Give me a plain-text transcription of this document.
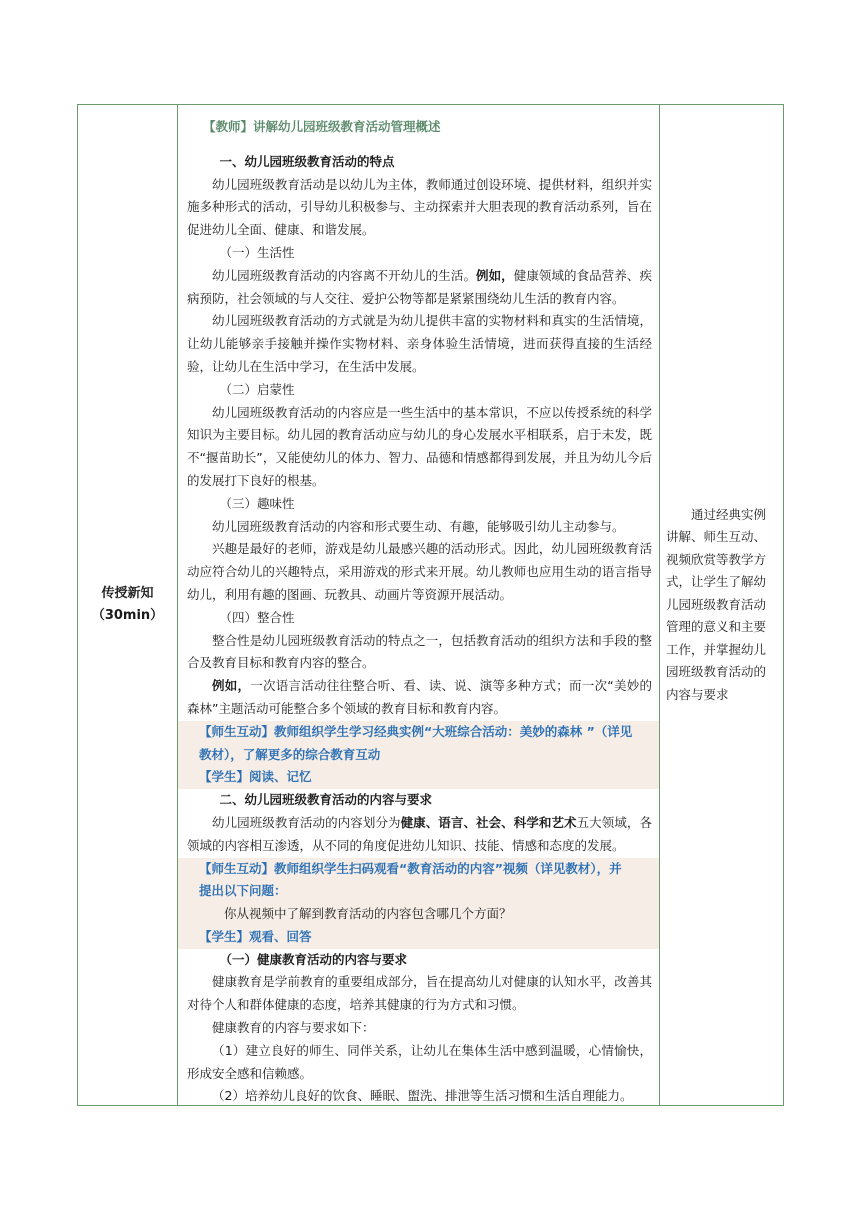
传授新知
（30min）

【教师】讲解幼儿园班级教育活动管理概述

一、幼儿园班级教育活动的特点

幼儿园班级教育活动是以幼儿为主体，教师通过创设环境、提供材料，组织并实施多种形式的活动，引导幼儿积极参与、主动探索并大胆表现的教育活动系列，旨在促进幼儿全面、健康、和谐发展。

（一）生活性

幼儿园班级教育活动的内容离不开幼儿的生活。例如，健康领域的食品营养、疾病预防，社会领域的与人交往、爱护公物等都是紧紧围绕幼儿生活的教育内容。

幼儿园班级教育活动的方式就是为幼儿提供丰富的实物材料和真实的生活情境，让幼儿能够亲手接触并操作实物材料、亲身体验生活情境，进而获得直接的生活经验，让幼儿在生活中学习，在生活中发展。

（二）启蒙性

幼儿园班级教育活动的内容应是一些生活中的基本常识，不应以传授系统的科学知识为主要目标。幼儿园的教育活动应与幼儿的身心发展水平相联系，启于未发，既不“揠苗助长”，又能使幼儿的体力、智力、品德和情感都得到发展，并且为幼儿今后的发展打下良好的根基。

（三）趣味性

幼儿园班级教育活动的内容和形式要生动、有趣，能够吸引幼儿主动参与。

兴趣是最好的老师，游戏是幼儿最感兴趣的活动形式。因此，幼儿园班级教育活动应符合幼儿的兴趣特点，采用游戏的形式来开展。幼儿教师也应用生动的语言指导幼儿，利用有趣的图画、玩教具、动画片等资源开展活动。

（四）整合性

整合性是幼儿园班级教育活动的特点之一，包括教育活动的组织方法和手段的整合及教育目标和教育内容的整合。

例如，一次语言活动往往整合听、看、读、说、演等多种方式；而一次“美妙的森林”主题活动可能整合多个领域的教育目标和教育内容。

【师生互动】教师组织学生学习经典实例“大班综合活动：美妙的森林 ”（详见

教材），了解更多的综合教育互动

【学生】阅读、记忆

二、幼儿园班级教育活动的内容与要求

幼儿园班级教育活动的内容划分为健康、语言、社会、科学和艺术五大领域，各领域的内容相互渗透，从不同的角度促进幼儿知识、技能、情感和态度的发展。

【师生互动】教师组织学生扫码观看“教育活动的内容”视频（详见教材），并

提出以下问题：

你从视频中了解到教育活动的内容包含哪几个方面？

【学生】观看、回答

（一）健康教育活动的内容与要求

健康教育是学前教育的重要组成部分，旨在提高幼儿对健康的认知水平，改善其对待个人和群体健康的态度，培养其健康的行为方式和习惯。

健康教育的内容与要求如下：

（1）建立良好的师生、同伴关系，让幼儿在集体生活中感到温暖，心情愉快，形成安全感和信赖感。

（2）培养幼儿良好的饮食、睡眠、盥洗、排泄等生活习惯和生活自理能力。

通过经典实例讲解、师生互动、视频欣赏等教学方式，让学生了解幼儿园班级教育活动管理的意义和主要工作，并掌握幼儿园班级教育活动的内容与要求
